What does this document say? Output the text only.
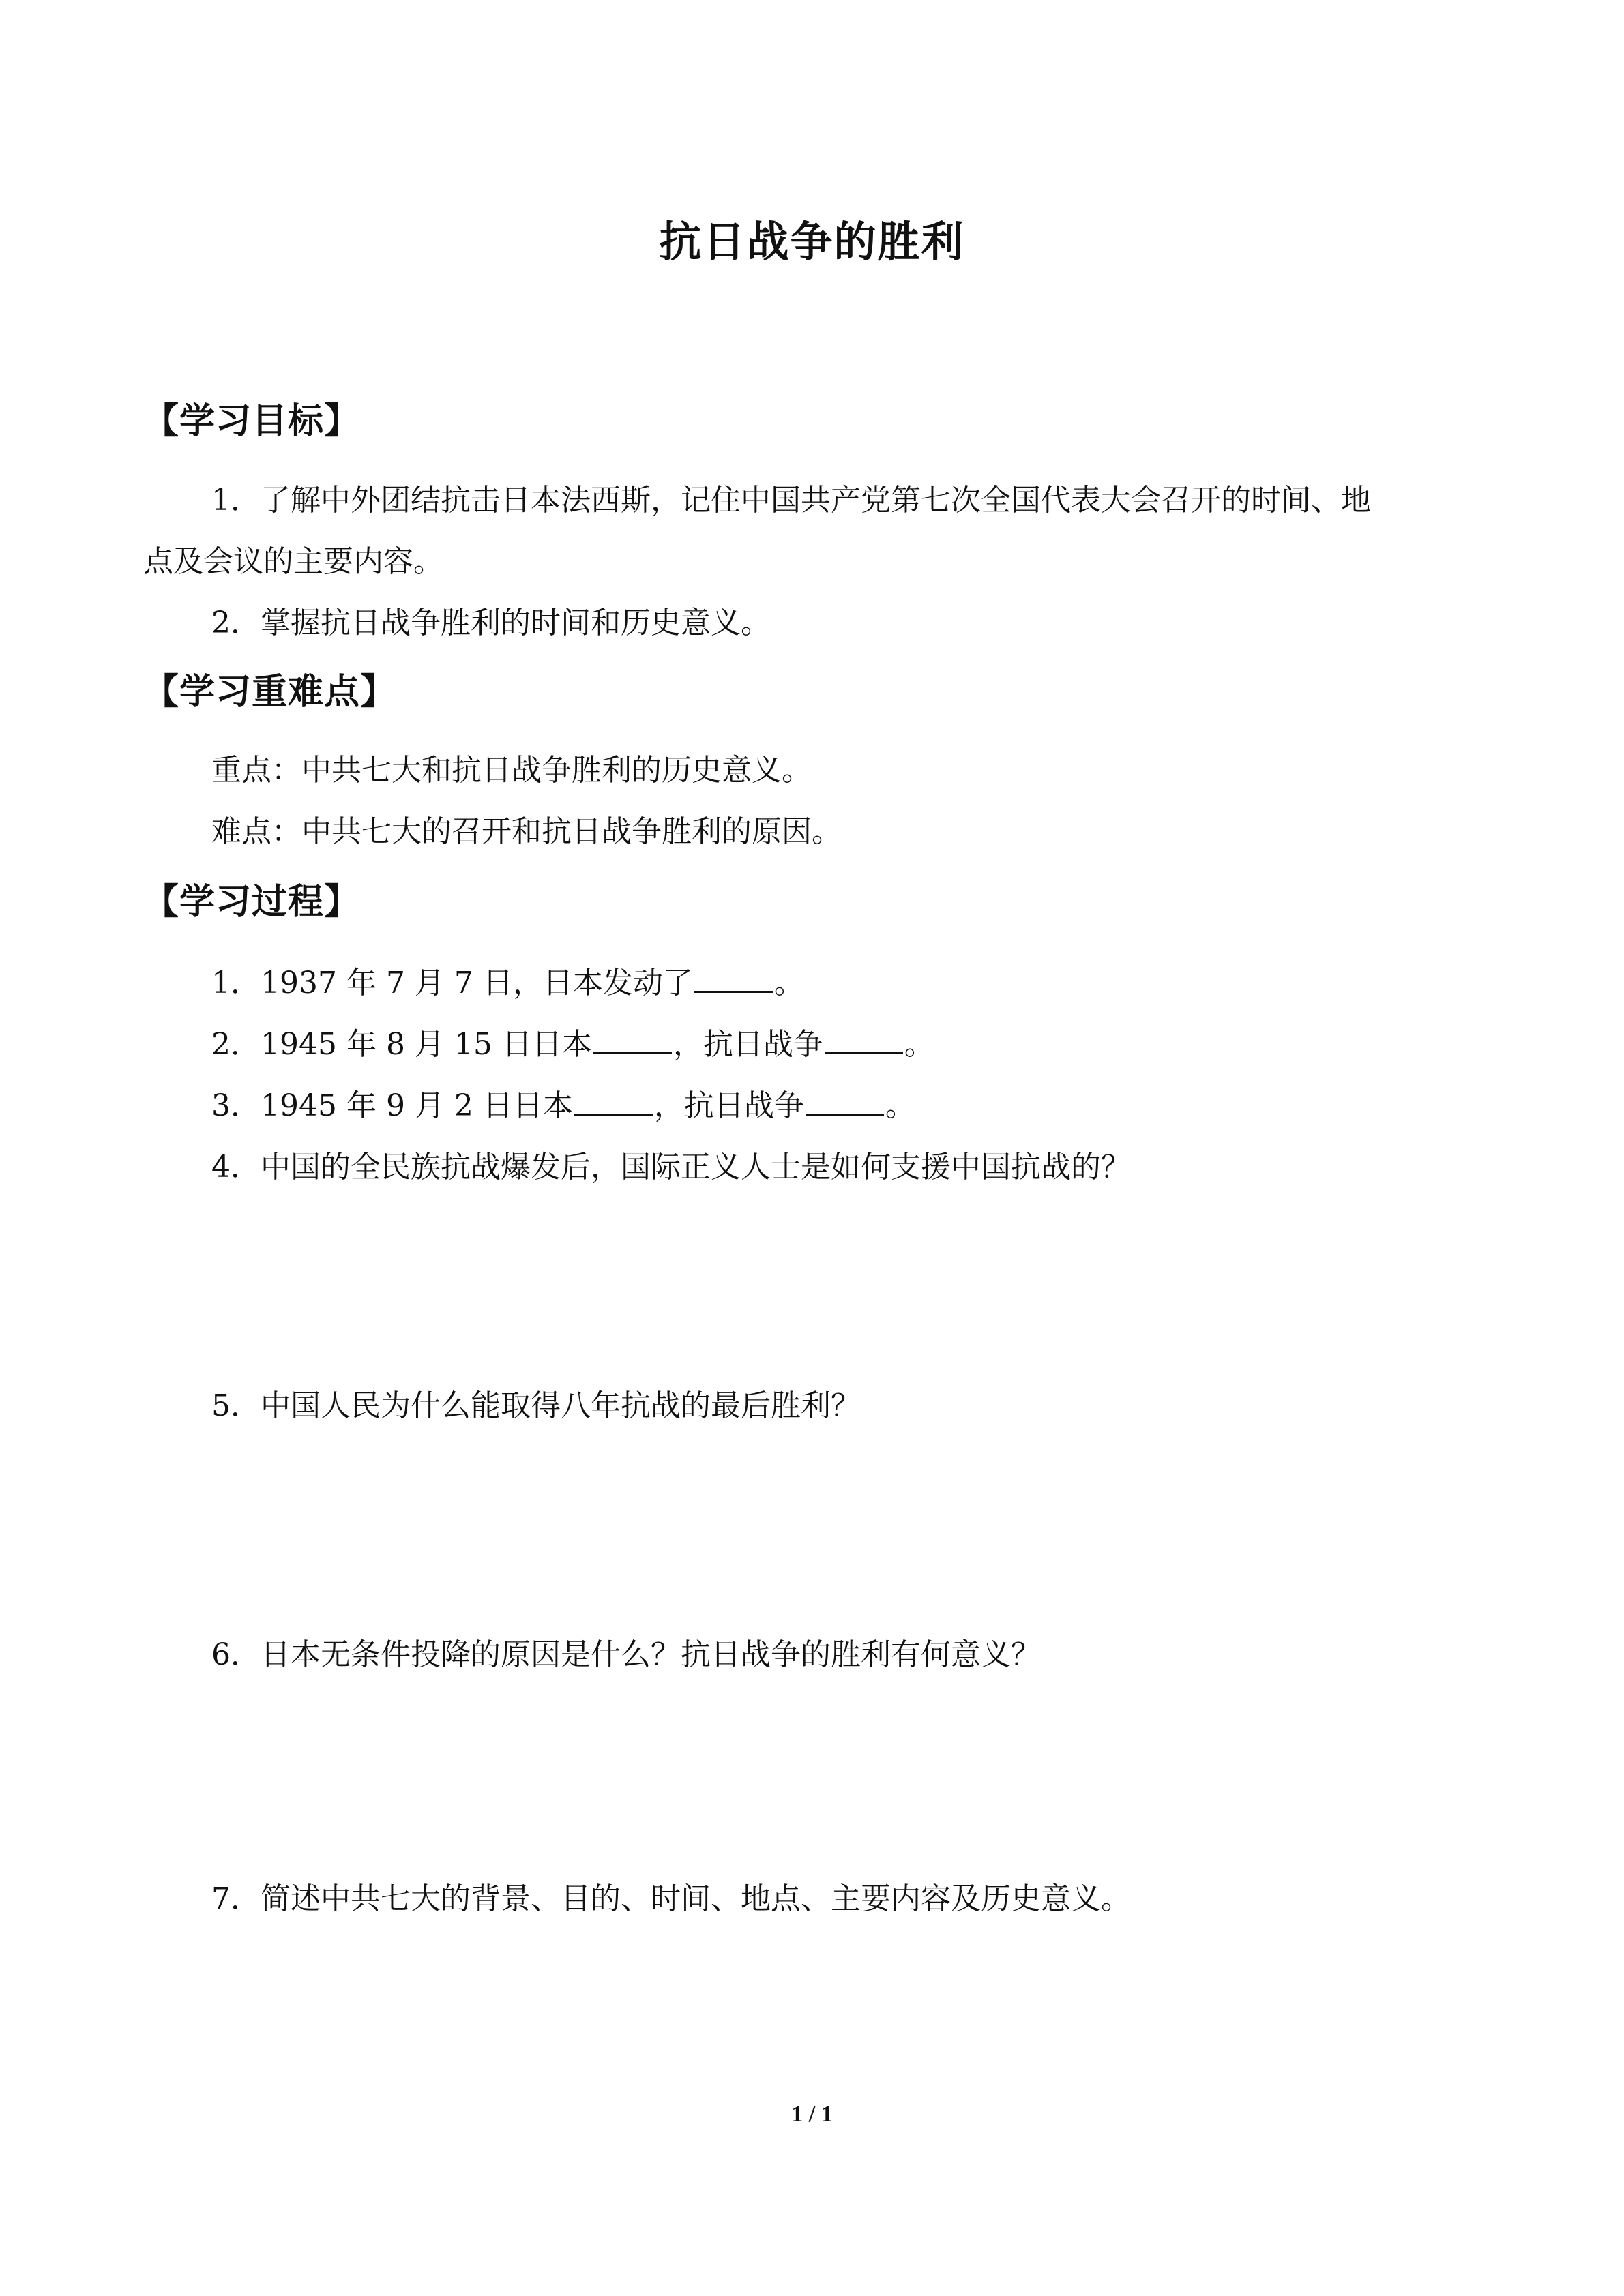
抗日战争的胜利
【学习目标】
1．了解中外团结抗击日本法西斯，记住中国共产党第七次全国代表大会召开的时间、地
点及会议的主要内容。
2．掌握抗日战争胜利的时间和历史意义。
【学习重难点】
重点：中共七大和抗日战争胜利的历史意义。
难点：中共七大的召开和抗日战争胜利的原因。
【学习过程】
1．1937 年 7 月 7 日，日本发动了	。
2．1945 年 8 月 15 日日本	，抗日战争	。
3．1945 年 9 月 2 日日本	，抗日战争	。
4．中国的全民族抗战爆发后，国际正义人士是如何支援中国抗战的？
5．中国人民为什么能取得八年抗战的最后胜利？
6．日本无条件投降的原因是什么？抗日战争的胜利有何意义？
7．简述中共七大的背景、目的、时间、地点、主要内容及历史意义。
1 / 1
